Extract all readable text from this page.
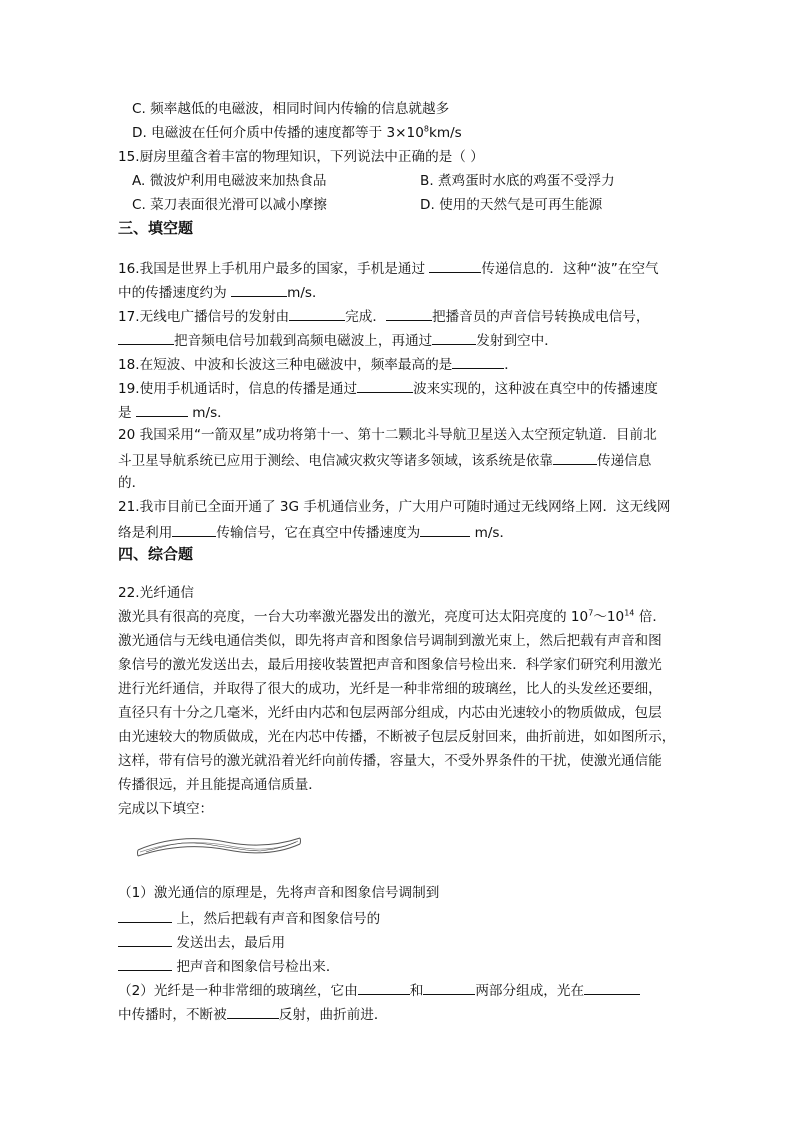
C. 频率越低的电磁波，相同时间内传输的信息就越多
D. 电磁波在任何介质中传播的速度都等于 $3\times 10^8km/s$
15.厨房里蕴含着丰富的物理知识，下列说法中正确的是（ ）
A. 微波炉利用电磁波来加热食品	B. 煮鸡蛋时水底的鸡蛋不受浮力
C. 菜刀表面很光滑可以减小摩擦	D. 使用的天然气是可再生能源
三、填空题
16.我国是世界上手机用户最多的国家，手机是通过	传递信息的．这种“波”在空气
中的传播速度约为	m/s．
17.无线电广播信号的发射由	完成．	把播音员的声音信号转换成电信号，
把音频电信号加载到高频电磁波上，再通过	发射到空中．
18.在短波、中波和长波这三种电磁波中，频率最高的是	．
19.使用手机通话时，信息的传播是通过	波来实现的，这种波在真空中的传播速度
是	m/s．
20 我国采用“一箭双星”成功将第十一、第十二颗北斗导航卫星送入太空预定轨道．目前北
斗卫星导航系统已应用于测绘、电信减灾救灾等诸多领域，该系统是依靠	传递信息
的．
21.我市目前已全面开通了 3G 手机通信业务，广大用户可随时通过无线网络上网．这无线网
络是利用	传输信号，它在真空中传播速度为	m/s．
四、综合题
22.光纤通信
激光具有很高的亮度，一台大功率激光器发出的激光，亮度可达太阳亮度的 $10^7\sim 10^{14}$ 倍．
激光通信与无线电通信类似，即先将声音和图象信号调制到激光束上，然后把载有声音和图
象信号的激光发送出去，最后用接收装置把声音和图象信号检出来．科学家们研究利用激光
进行光纤通信，并取得了很大的成功，光纤是一种非常细的玻璃丝，比人的头发丝还要细，
直径只有十分之几毫米，光纤由内芯和包层两部分组成，内芯由光速较小的物质做成，包层
由光速较大的物质做成，光在内芯中传播，不断被子包层反射回来，曲折前进，如如图所示，
这样，带有信号的激光就沿着光纤向前传播，容量大，不受外界条件的干扰，使激光通信能
传播很远，并且能提高通信质量．
完成以下填空：
（1）激光通信的原理是，先将声音和图象信号调制到
上，然后把载有声音和图象信号的
发送出去，最后用
把声音和图象信号检出来．
（2）光纤是一种非常细的玻璃丝，它由	和	两部分组成，光在
中传播时，不断被	反射，曲折前进．
